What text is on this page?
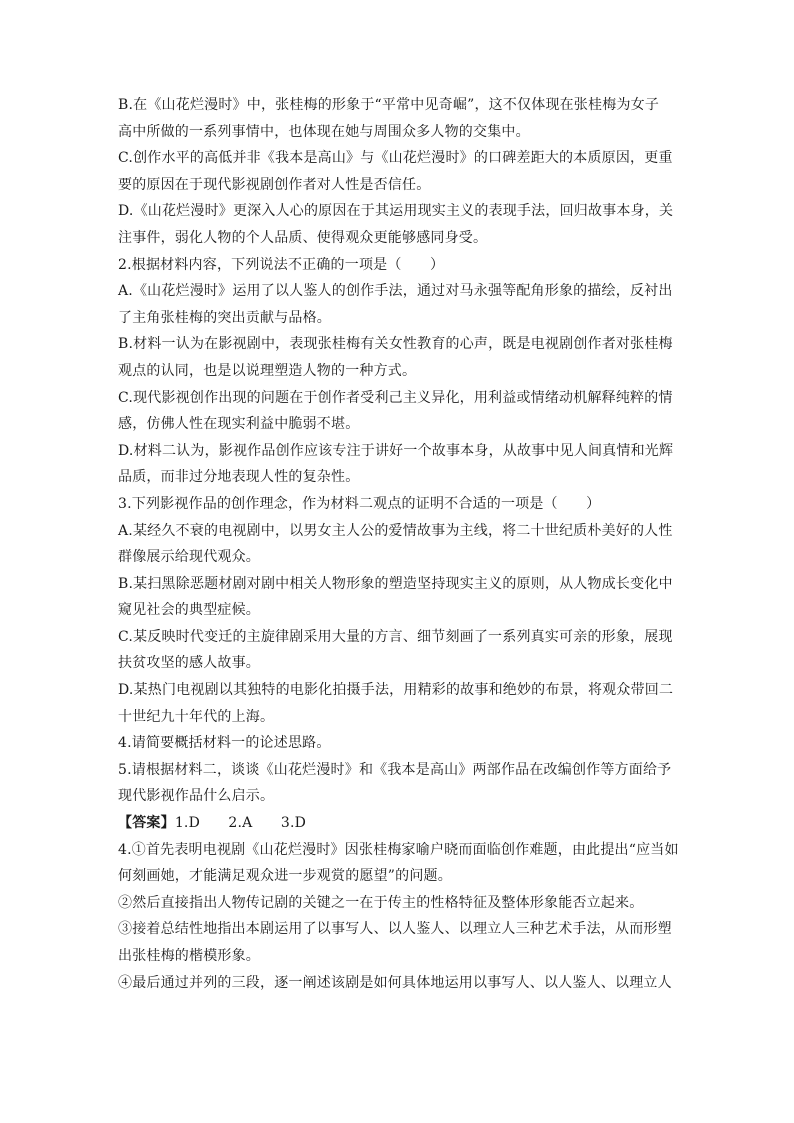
B.在《山花烂漫时》中，张桂梅的形象于“平常中见奇崛”，这不仅体现在张桂梅为女子
高中所做的一系列事情中，也体现在她与周围众多人物的交集中。
C.创作水平的高低并非《我本是高山》与《山花烂漫时》的口碑差距大的本质原因，更重
要的原因在于现代影视剧创作者对人性是否信任。
D.《山花烂漫时》更深入人心的原因在于其运用现实主义的表现手法，回归故事本身，关
注事件，弱化人物的个人品质、使得观众更能够感同身受。
2.根据材料内容，下列说法不正确的一项是（　　）
A.《山花烂漫时》运用了以人鉴人的创作手法，通过对马永强等配角形象的描绘，反衬出
了主角张桂梅的突出贡献与品格。
B.材料一认为在影视剧中，表现张桂梅有关女性教育的心声，既是电视剧创作者对张桂梅
观点的认同，也是以说理塑造人物的一种方式。
C.现代影视创作出现的问题在于创作者受利己主义异化，用利益或情绪动机解释纯粹的情
感，仿佛人性在现实利益中脆弱不堪。
D.材料二认为，影视作品创作应该专注于讲好一个故事本身，从故事中见人间真情和光辉
品质，而非过分地表现人性的复杂性。
3.下列影视作品的创作理念，作为材料二观点的证明不合适的一项是（　　）
A.某经久不衰的电视剧中，以男女主人公的爱情故事为主线，将二十世纪质朴美好的人性
群像展示给现代观众。
B.某扫黑除恶题材剧对剧中相关人物形象的塑造坚持现实主义的原则，从人物成长变化中
窥见社会的典型症候。
C.某反映时代变迁的主旋律剧采用大量的方言、细节刻画了一系列真实可亲的形象，展现
扶贫攻坚的感人故事。
D.某热门电视剧以其独特的电影化拍摄手法，用精彩的故事和绝妙的布景，将观众带回二
十世纪九十年代的上海。
4.请简要概括材料一的论述思路。
5.请根据材料二，谈谈《山花烂漫时》和《我本是高山》两部作品在改编创作等方面给予
现代影视作品什么启示。
【答案】1.D　　2.A　　3.D
4.①首先表明电视剧《山花烂漫时》因张桂梅家喻户晓而面临创作难题，由此提出“应当如
何刻画她，才能满足观众进一步观赏的愿望”的问题。
②然后直接指出人物传记剧的关键之一在于传主的性格特征及整体形象能否立起来。
③接着总结性地指出本剧运用了以事写人、以人鉴人、以理立人三种艺术手法，从而形塑
出张桂梅的楷模形象。
④最后通过并列的三段，逐一阐述该剧是如何具体地运用以事写人、以人鉴人、以理立人
